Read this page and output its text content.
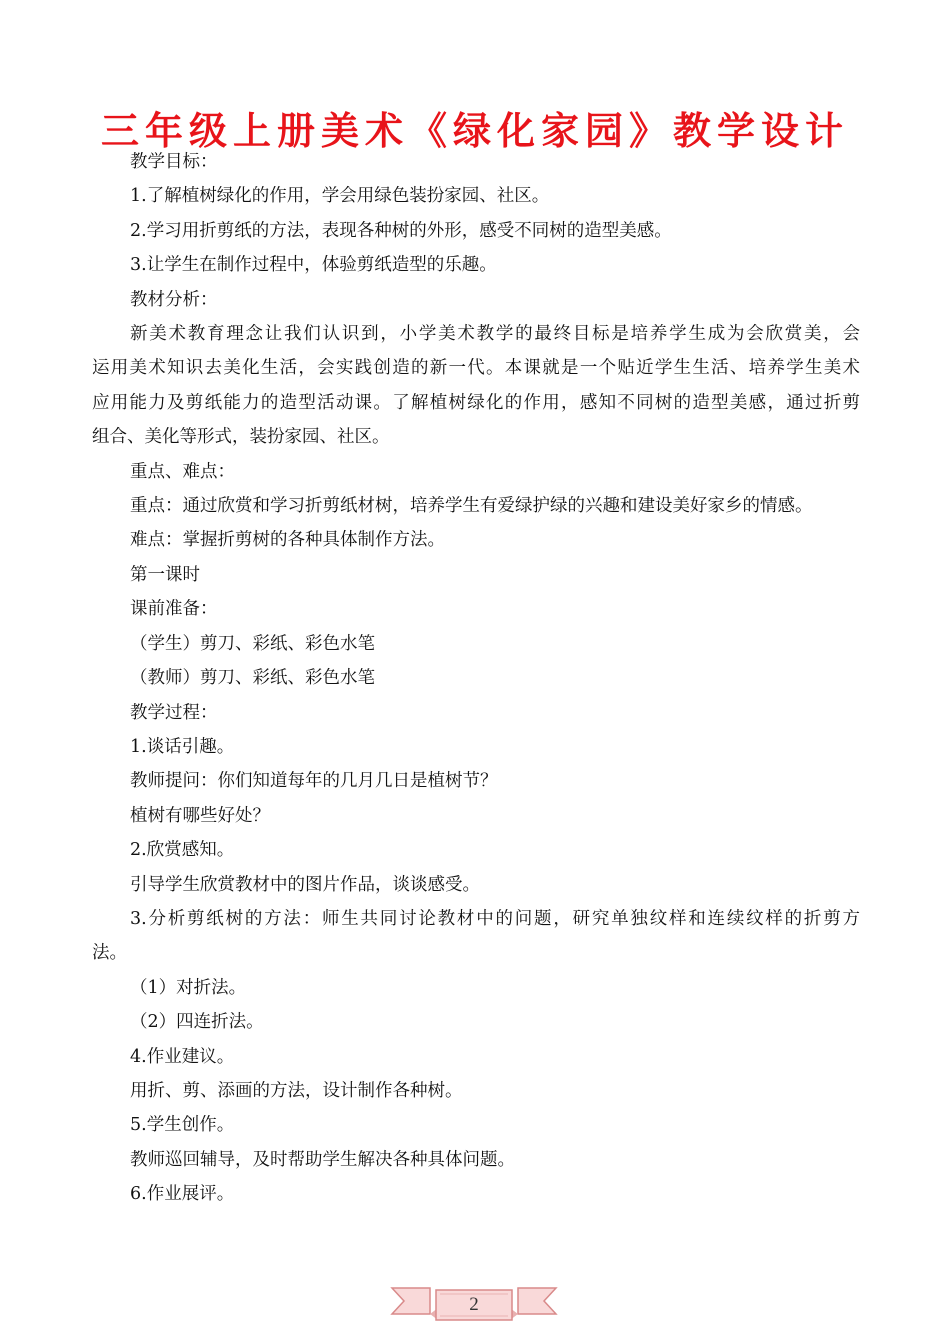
三年级上册美术《绿化家园》教学设计
教学目标：
1.了解植树绿化的作用，学会用绿色装扮家园、社区。
2.学习用折剪纸的方法，表现各种树的外形，感受不同树的造型美感。
3.让学生在制作过程中，体验剪纸造型的乐趣。
教材分析：
新美术教育理念让我们认识到，小学美术教学的最终目标是培养学生成为会欣赏美，会
运用美术知识去美化生活，会实践创造的新一代。本课就是一个贴近学生生活、培养学生美术
应用能力及剪纸能力的造型活动课。了解植树绿化的作用，感知不同树的造型美感，通过折剪
组合、美化等形式，装扮家园、社区。
重点、难点：
重点：通过欣赏和学习折剪纸材树，培养学生有爱绿护绿的兴趣和建设美好家乡的情感。
难点：掌握折剪树的各种具体制作方法。
第一课时
课前准备：
（学生）剪刀、彩纸、彩色水笔
（教师）剪刀、彩纸、彩色水笔
教学过程：
1.谈话引趣。
教师提问：你们知道每年的几月几日是植树节？
植树有哪些好处？
2.欣赏感知。
引导学生欣赏教材中的图片作品，谈谈感受。
3.分析剪纸树的方法：师生共同讨论教材中的问题，研究单独纹样和连续纹样的折剪方
法。
（1）对折法。
（2）四连折法。
4.作业建议。
用折、剪、添画的方法，设计制作各种树。
5.学生创作。
教师巡回辅导，及时帮助学生解决各种具体问题。
6.作业展评。
2
